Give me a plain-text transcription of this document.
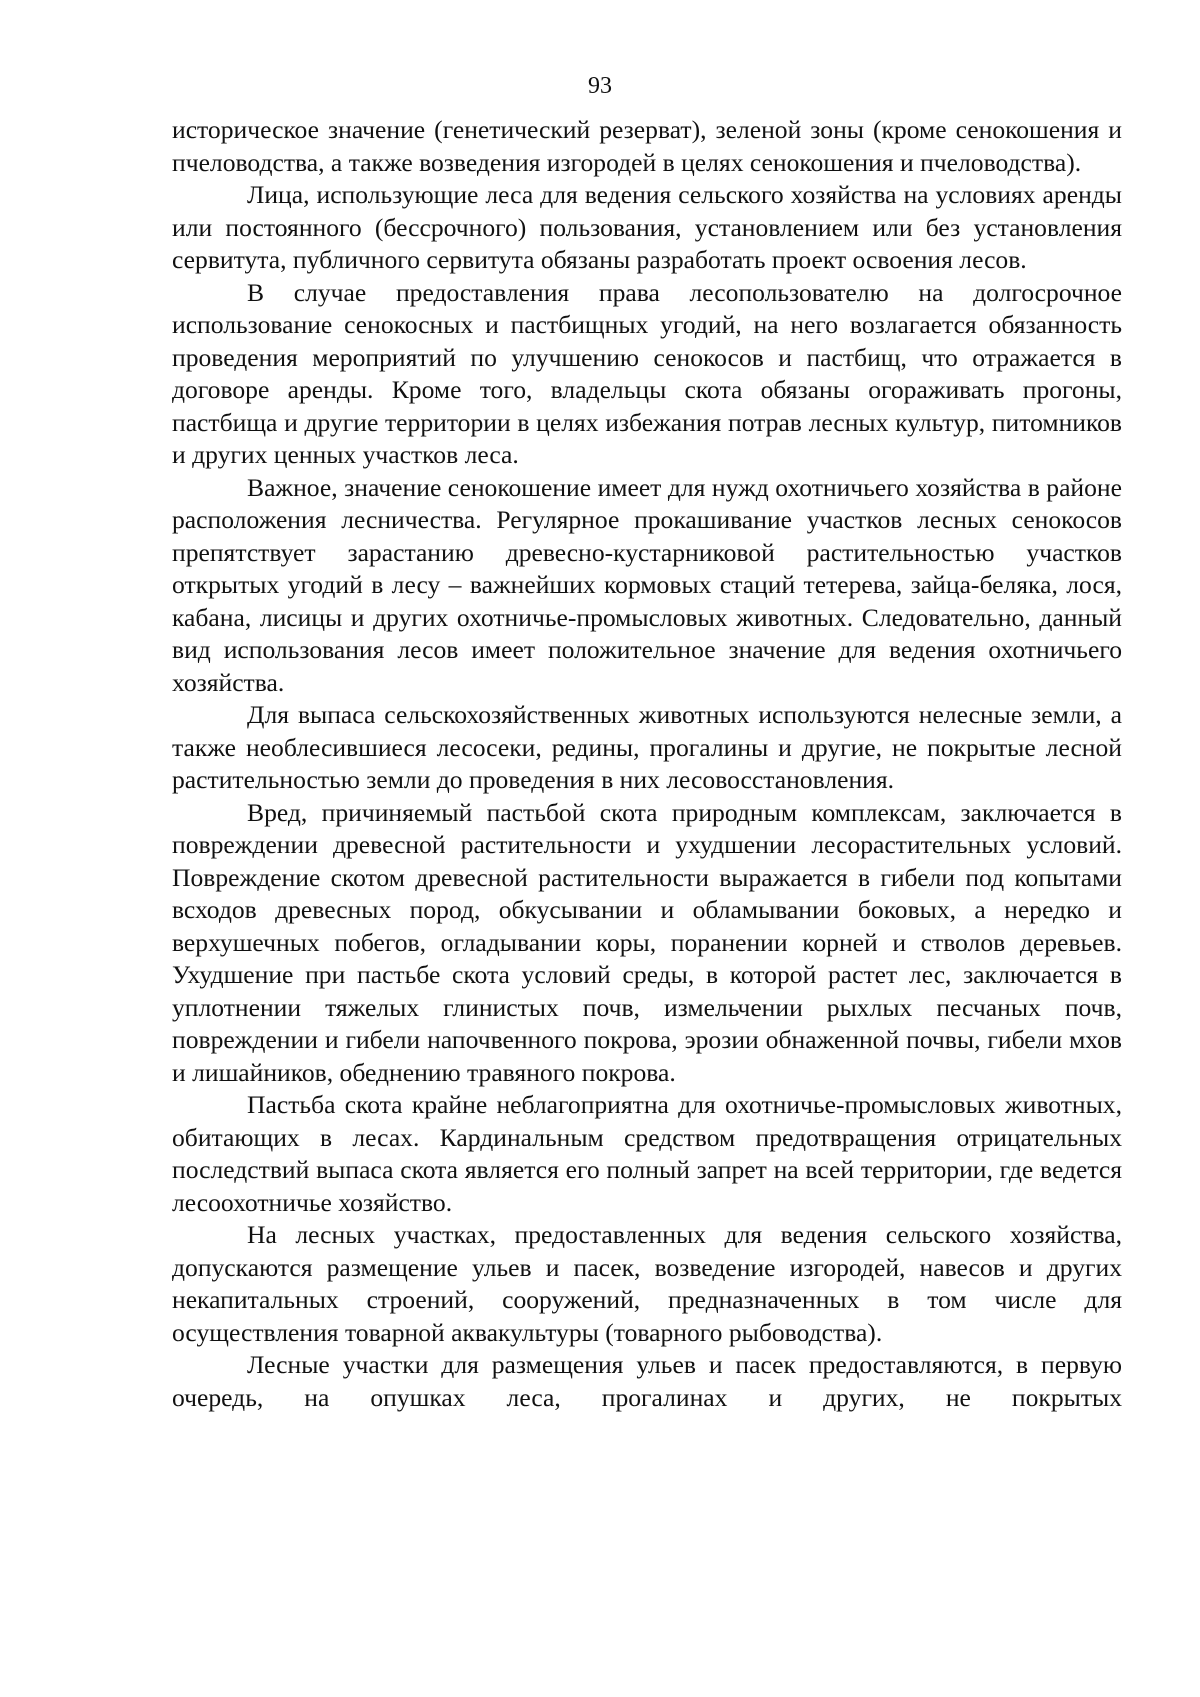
93

историческое значение (генетический резерват), зеленой зоны (кроме сенокошения и пчеловодства, а также возведения изгородей в целях сенокошения и пчеловодства).

Лица, использующие леса для ведения сельского хозяйства на условиях аренды или постоянного (бессрочного) пользования, установлением или без установления сервитута, публичного сервитута обязаны разработать проект освоения лесов.

В случае предоставления права лесопользователю на долгосрочное использование сенокосных и пастбищных угодий, на него возлагается обязанность проведения мероприятий по улучшению сенокосов и пастбищ, что отражается в договоре аренды. Кроме того, владельцы скота обязаны огораживать прогоны, пастбища и другие территории в целях избежания потрав лесных культур, питомников и других ценных участков леса.

Важное, значение сенокошение имеет для нужд охотничьего хозяйства в районе расположения лесничества. Регулярное прокашивание участков лесных сенокосов препятствует зарастанию древесно-кустарниковой растительностью участков открытых угодий в лесу – важнейших кормовых стаций тетерева, зайца-беляка, лося, кабана, лисицы и других охотничье-промысловых животных. Следовательно, данный вид использования лесов имеет положительное значение для ведения охотничьего хозяйства.

Для выпаса сельскохозяйственных животных используются нелесные земли, а также необлесившиеся лесосеки, редины, прогалины и другие, не покрытые лесной растительностью земли до проведения в них лесовосстановления.

Вред, причиняемый пастьбой скота природным комплексам, заключается в повреждении древесной растительности и ухудшении лесорастительных условий. Повреждение скотом древесной растительности выражается в гибели под копытами всходов древесных пород, обкусывании и обламывании боковых, а нередко и верхушечных побегов, огладывании коры, поранении корней и стволов деревьев. Ухудшение при пастьбе скота условий среды, в которой растет лес, заключается в уплотнении тяжелых глинистых почв, измельчении рыхлых песчаных почв, повреждении и гибели напочвенного покрова, эрозии обнаженной почвы, гибели мхов и лишайников, обеднению травяного покрова.

Пастьба скота крайне неблагоприятна для охотничье-промысловых животных, обитающих в лесах. Кардинальным средством предотвращения отрицательных последствий выпаса скота является его полный запрет на всей территории, где ведется лесоохотничье хозяйство.

На лесных участках, предоставленных для ведения сельского хозяйства, допускаются размещение ульев и пасек, возведение изгородей, навесов и других некапитальных строений, сооружений, предназначенных в том числе для осуществления товарной аквакультуры (товарного рыбоводства).

Лесные участки для размещения ульев и пасек предоставляются, в первую очередь, на опушках леса, прогалинах и других, не покрытых
